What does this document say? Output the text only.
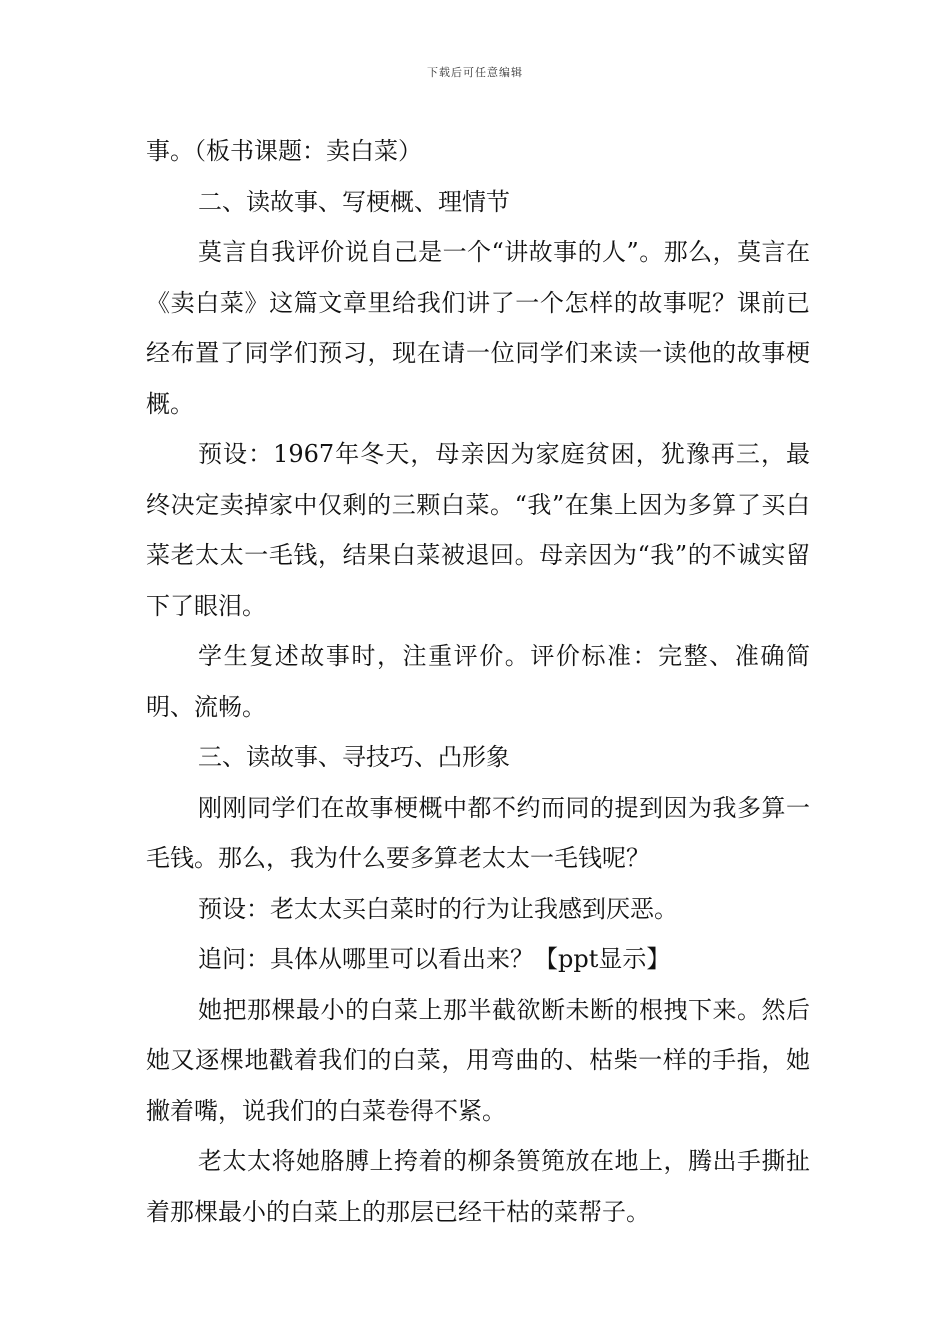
下载后可任意编辑

事。（板书课题：卖白菜）

二、读故事、写梗概、理情节

莫言自我评价说自己是一个“讲故事的人”。那么，莫言在《卖白菜》这篇文章里给我们讲了一个怎样的故事呢？课前已经布置了同学们预习，现在请一位同学们来读一读他的故事梗概。

预设：1967年冬天，母亲因为家庭贫困，犹豫再三，最终决定卖掉家中仅剩的三颗白菜。“我”在集上因为多算了买白菜老太太一毛钱，结果白菜被退回。母亲因为“我”的不诚实留下了眼泪。

学生复述故事时，注重评价。评价标准：完整、准确简明、流畅。

三、读故事、寻技巧、凸形象

刚刚同学们在故事梗概中都不约而同的提到因为我多算一毛钱。那么，我为什么要多算老太太一毛钱呢？

预设：老太太买白菜时的行为让我感到厌恶。

追问：具体从哪里可以看出来？【ppt显示】

她把那棵最小的白菜上那半截欲断未断的根拽下来。然后她又逐棵地戳着我们的白菜，用弯曲的、枯柴一样的手指，她撇着嘴，说我们的白菜卷得不紧。

老太太将她胳膊上挎着的柳条篑篼放在地上，腾出手撕扯着那棵最小的白菜上的那层已经干枯的菜帮子。
